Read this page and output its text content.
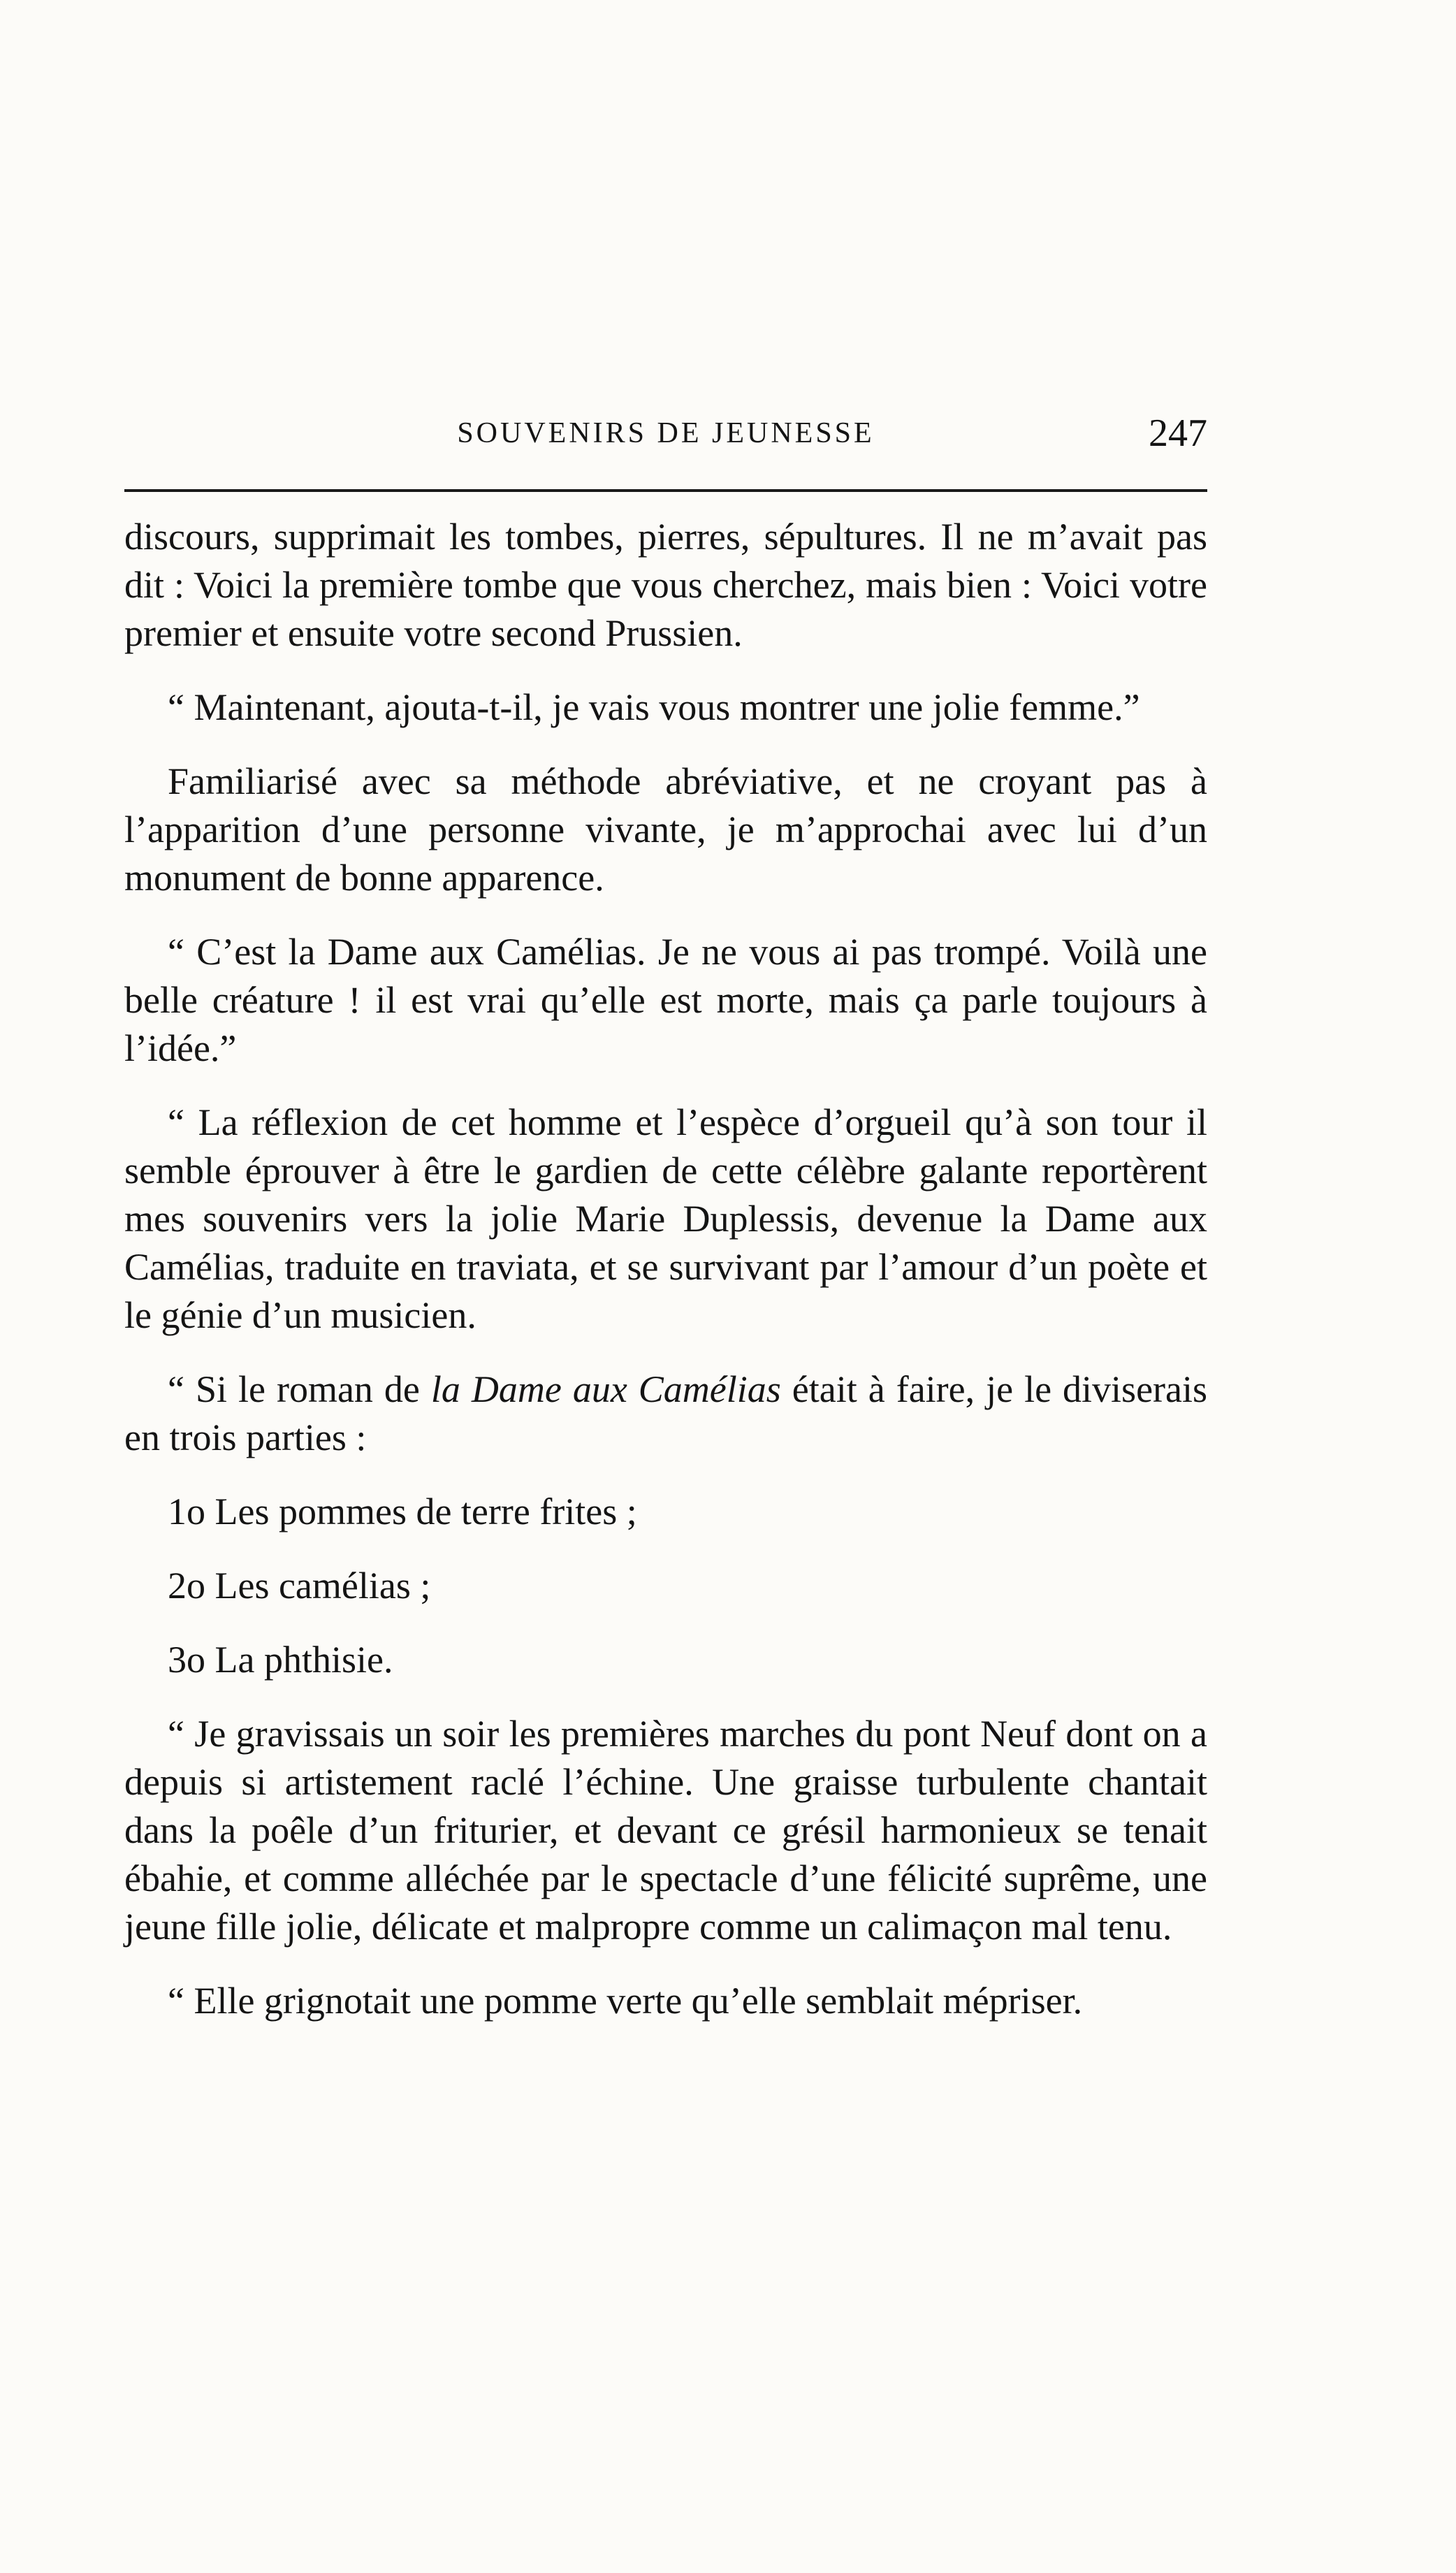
SOUVENIRS DE JEUNESSE	247

discours, supprimait les tombes, pierres, sépultures. Il ne m’avait pas dit : Voici la première tombe que vous cherchez, mais bien : Voici votre premier et ensuite votre second Prussien.

“ Maintenant, ajouta-t-il, je vais vous montrer une jolie femme.”

Familiarisé avec sa méthode abréviative, et ne croyant pas à l’apparition d’une personne vivante, je m’approchai avec lui d’un monument de bonne apparence.

“ C’est la Dame aux Camélias. Je ne vous ai pas trompé. Voilà une belle créature ! il est vrai qu’elle est morte, mais ça parle toujours à l’idée.”

“ La réflexion de cet homme et l’espèce d’orgueil qu’à son tour il semble éprouver à être le gardien de cette célèbre galante reportèrent mes souvenirs vers la jolie Marie Duplessis, devenue la Dame aux Camélias, traduite en traviata, et se survivant par l’amour d’un poète et le génie d’un musicien.

“ Si le roman de la Dame aux Camélias était à faire, je le diviserais en trois parties :

1o Les pommes de terre frites ;

2o Les camélias ;

3o La phthisie.

“ Je gravissais un soir les premières marches du pont Neuf dont on a depuis si artistement raclé l’échine. Une graisse turbulente chantait dans la poêle d’un friturier, et devant ce grésil harmonieux se tenait ébahie, et comme alléchée par le spectacle d’une félicité suprême, une jeune fille jolie, délicate et malpropre comme un calimaçon mal tenu.

“ Elle grignotait une pomme verte qu’elle semblait mépriser.
